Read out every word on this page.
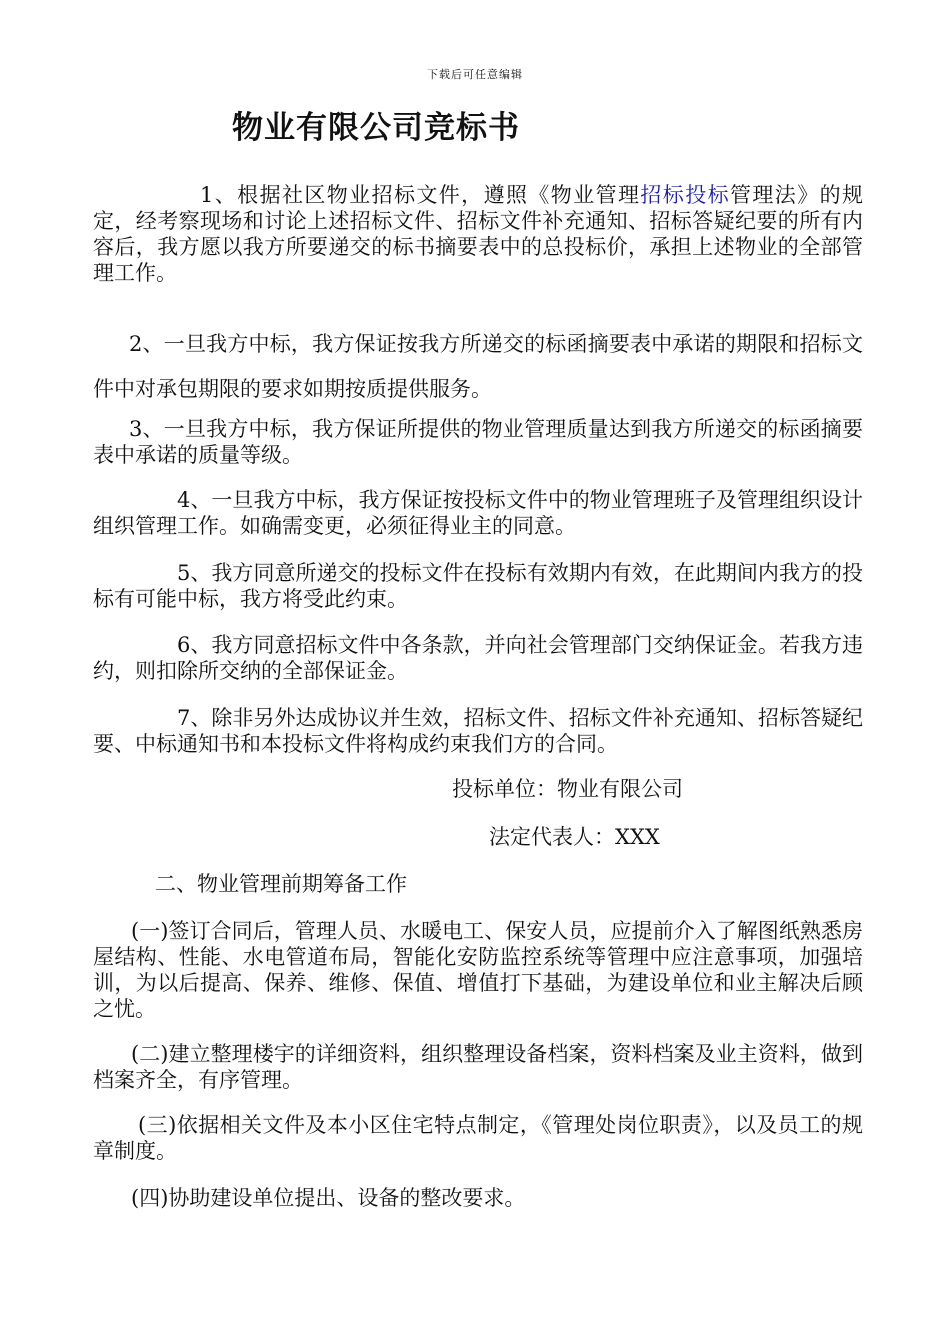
下载后可任意编辑
物业有限公司竞标书

1、根据社区物业招标文件，遵照《物业管理招标投标管理法》的规定，经考察现场和讨论上述招标文件、招标文件补充通知、招标答疑纪要的所有内容后，我方愿以我方所要递交的标书摘要表中的总投标价，承担上述物业的全部管理工作。

2、一旦我方中标，我方保证按我方所递交的标函摘要表中承诺的期限和招标文件中对承包期限的要求如期按质提供服务。

3、一旦我方中标，我方保证所提供的物业管理质量达到我方所递交的标函摘要表中承诺的质量等级。

4、一旦我方中标，我方保证按投标文件中的物业管理班子及管理组织设计组织管理工作。如确需变更，必须征得业主的同意。

5、我方同意所递交的投标文件在投标有效期内有效，在此期间内我方的投标有可能中标，我方将受此约束。

6、我方同意招标文件中各条款，并向社会管理部门交纳保证金。若我方违约，则扣除所交纳的全部保证金。

7、除非另外达成协议并生效，招标文件、招标文件补充通知、招标答疑纪要、中标通知书和本投标文件将构成约束我们方的合同。

投标单位：物业有限公司
法定代表人：XXX
二、物业管理前期筹备工作

(一)签订合同后，管理人员、水暖电工、保安人员，应提前介入了解图纸熟悉房屋结构、性能、水电管道布局，智能化安防监控系统等管理中应注意事项，加强培训，为以后提高、保养、维修、保值、增值打下基础，为建设单位和业主解决后顾之忧。

(二)建立整理楼宇的详细资料，组织整理设备档案，资料档案及业主资料，做到档案齐全，有序管理。

(三)依据相关文件及本小区住宅特点制定，《管理处岗位职责》，以及员工的规章制度。

(四)协助建设单位提出、设备的整改要求。
